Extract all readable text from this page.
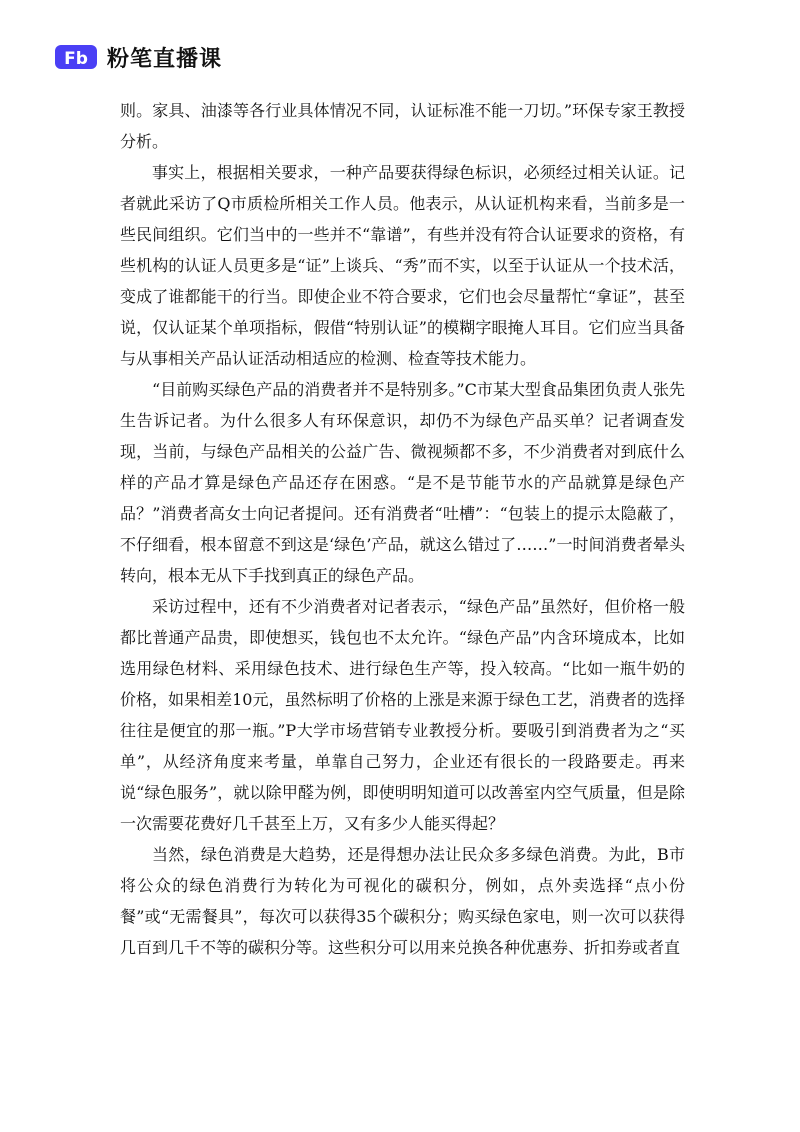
Fb 粉笔直播课

则。家具、油漆等各行业具体情况不同，认证标准不能一刀切。”环保专家王教授分析。

事实上，根据相关要求，一种产品要获得绿色标识，必须经过相关认证。记者就此采访了Q市质检所相关工作人员。他表示，从认证机构来看，当前多是一些民间组织。它们当中的一些并不“靠谱”，有些并没有符合认证要求的资格，有些机构的认证人员更多是“证”上谈兵、“秀”而不实，以至于认证从一个技术活，变成了谁都能干的行当。即使企业不符合要求，它们也会尽量帮忙“拿证”，甚至说，仅认证某个单项指标，假借“特别认证”的模糊字眼掩人耳目。它们应当具备与从事相关产品认证活动相适应的检测、检查等技术能力。

“目前购买绿色产品的消费者并不是特别多。”C市某大型食品集团负责人张先生告诉记者。为什么很多人有环保意识，却仍不为绿色产品买单？记者调查发现，当前，与绿色产品相关的公益广告、微视频都不多，不少消费者对到底什么样的产品才算是绿色产品还存在困惑。“是不是节能节水的产品就算是绿色产品？”消费者高女士向记者提问。还有消费者“吐槽”：“包装上的提示太隐蔽了，不仔细看，根本留意不到这是‘绿色’产品，就这么错过了……”一时间消费者晕头转向，根本无从下手找到真正的绿色产品。

采访过程中，还有不少消费者对记者表示，“绿色产品”虽然好，但价格一般都比普通产品贵，即使想买，钱包也不太允许。“绿色产品”内含环境成本，比如选用绿色材料、采用绿色技术、进行绿色生产等，投入较高。“比如一瓶牛奶的价格，如果相差10元，虽然标明了价格的上涨是来源于绿色工艺，消费者的选择往往是便宜的那一瓶。”P大学市场营销专业教授分析。要吸引到消费者为之“买单”，从经济角度来考量，单靠自己努力，企业还有很长的一段路要走。再来说“绿色服务”，就以除甲醛为例，即使明明知道可以改善室内空气质量，但是除一次需要花费好几千甚至上万，又有多少人能买得起？

当然，绿色消费是大趋势，还是得想办法让民众多多绿色消费。为此，B市将公众的绿色消费行为转化为可视化的碳积分，例如，点外卖选择“点小份餐”或“无需餐具”，每次可以获得35个碳积分；购买绿色家电，则一次可以获得几百到几千不等的碳积分等。这些积分可以用来兑换各种优惠券、折扣券或者直
